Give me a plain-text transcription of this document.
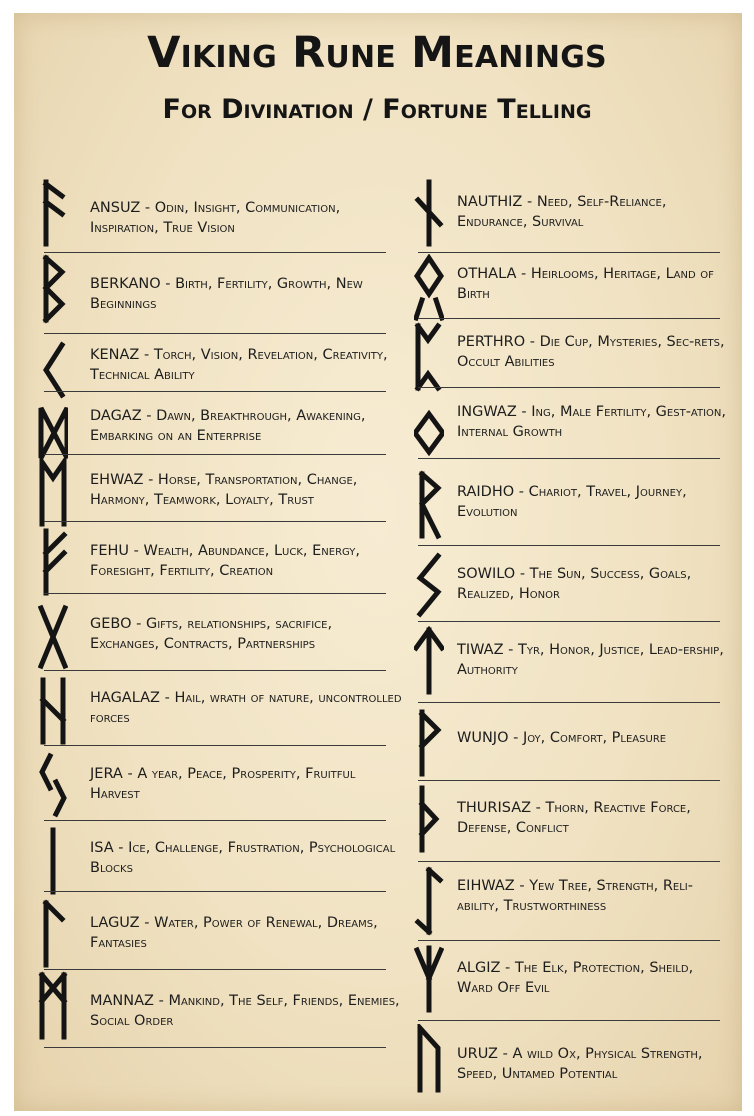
Viking Rune Meanings
For Divination / Fortune Telling
ANSUZ - Odin, Insight, Communication, Inspiration, True Vision
BERKANO - Birth, Fertility, Growth, New Beginnings
KENAZ - Torch, Vision, Revelation, Creativity, Technical Ability
DAGAZ - Dawn, Breakthrough, Awakening, Embarking on an Enterprise
EHWAZ - Horse, Transportation, Change, Harmony, Teamwork, Loyalty, Trust
FEHU - Wealth, Abundance, Luck, Energy, Foresight, Fertility, Creation
GEBO - Gifts, relationships, sacrifice, Exchanges, Contracts, Partnerships
HAGALAZ - Hail, wrath of nature, uncontrolled forces
JERA - A year, Peace, Prosperity, Fruitful Harvest
ISA - Ice, Challenge, Frustration, Psychological Blocks
LAGUZ - Water, Power of Renewal, Dreams, Fantasies
MANNAZ - Mankind, The Self, Friends, Enemies, Social Order
NAUTHIZ - Need, Self-Reliance, Endurance, Survival
OTHALA - Heirlooms, Heritage, Land of Birth
PERTHRO - Die Cup, Mysteries, Sec-rets, Occult Abilities
INGWAZ - Ing, Male Fertility, Gest-ation, Internal Growth
RAIDHO - Chariot, Travel, Journey, Evolution
SOWILO - The Sun, Success, Goals, Realized, Honor
TIWAZ - Tyr, Honor, Justice, Lead-ership, Authority
WUNJO - Joy, Comfort, Pleasure
THURISAZ - Thorn, Reactive Force, Defense, Conflict
EIHWAZ - Yew Tree, Strength, Reli-ability, Trustworthiness
ALGIZ - The Elk, Protection, Sheild, Ward Off Evil
URUZ - A wild Ox, Physical Strength, Speed, Untamed Potential
